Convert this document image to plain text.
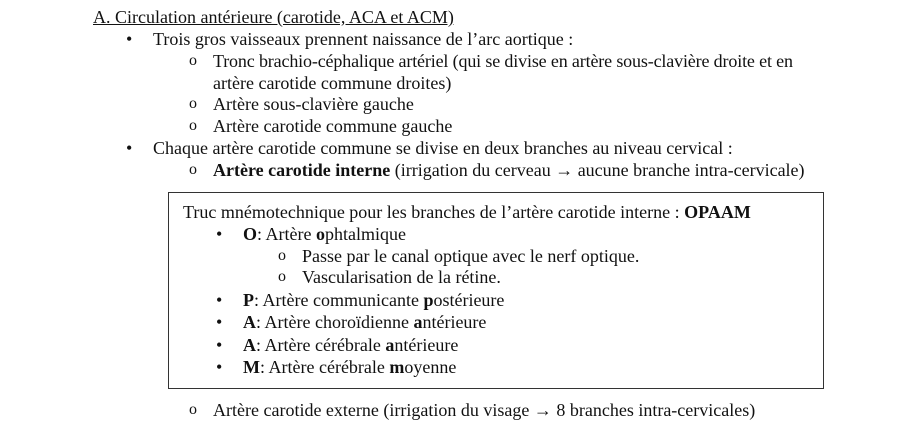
A. Circulation antérieure (carotide, ACA et ACM)
• Trois gros vaisseaux prennent naissance de l’arc aortique :
o Tronc brachio-céphalique artériel (qui se divise en artère sous-clavière droite et en
artère carotide commune droites)
o Artère sous-clavière gauche
o Artère carotide commune gauche
• Chaque artère carotide commune se divise en deux branches au niveau cervical :
o Artère carotide interne (irrigation du cerveau → aucune branche intra-cervicale)
Truc mnémotechnique pour les branches de l’artère carotide interne : OPAAM
• O: Artère ophtalmique
o Passe par le canal optique avec le nerf optique.
o Vascularisation de la rétine.
• P: Artère communicante postérieure
• A: Artère choroïdienne antérieure
• A: Artère cérébrale antérieure
• M: Artère cérébrale moyenne
o Artère carotide externe (irrigation du visage → 8 branches intra-cervicales)
